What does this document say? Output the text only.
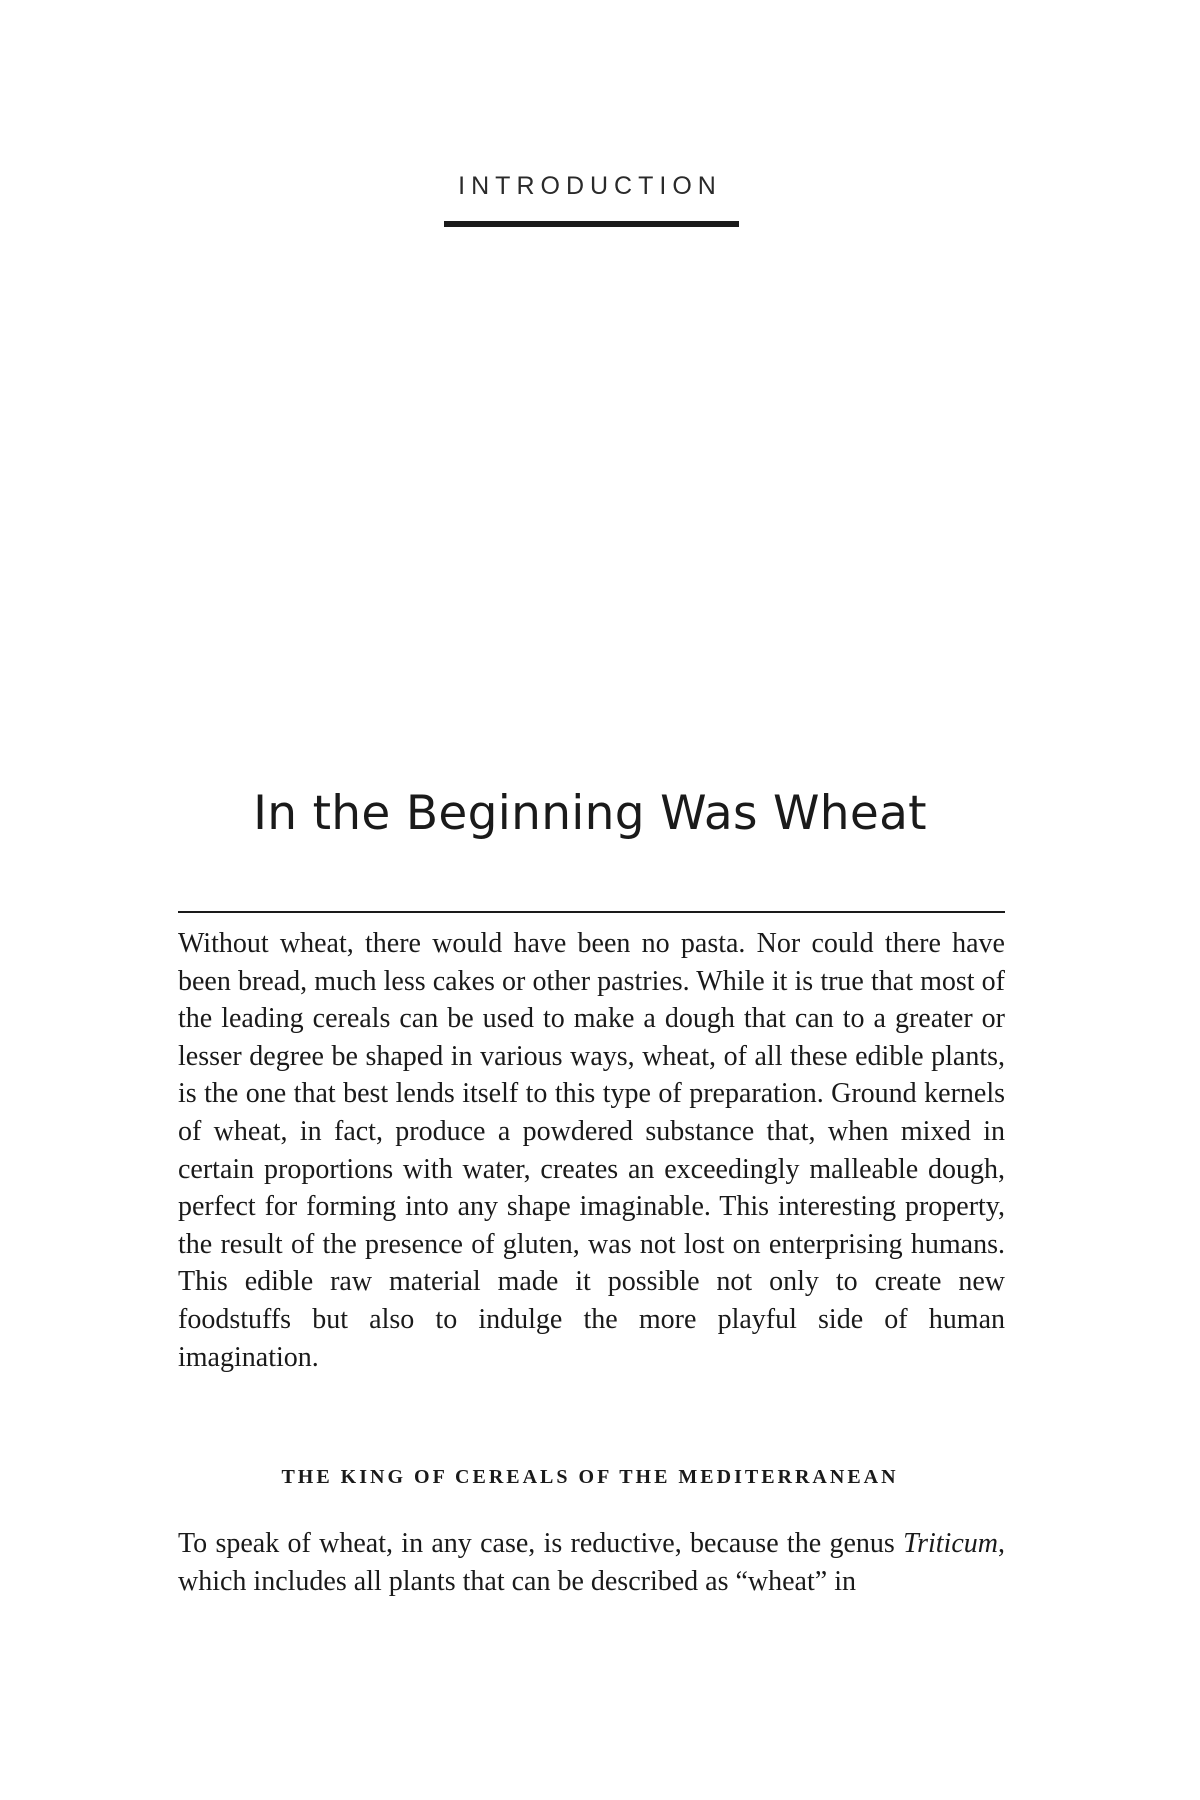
INTRODUCTION
In the Beginning Was Wheat

Without wheat, there would have been no pasta. Nor could there have been bread, much less cakes or other pastries. While it is true that most of the leading cereals can be used to make a dough that can to a greater or lesser degree be shaped in various ways, wheat, of all these edible plants, is the one that best lends itself to this type of preparation. Ground kernels of wheat, in fact, produce a powdered substance that, when mixed in certain proportions with water, creates an exceedingly malleable dough, perfect for forming into any shape imaginable. This interesting property, the result of the presence of gluten, was not lost on enterprising humans. This edible raw material made it possible not only to create new foodstuffs but also to indulge the more playful side of human imagination.

THE KING OF CEREALS OF THE MEDITERRANEAN

To speak of wheat, in any case, is reductive, because the genus Triticum, which includes all plants that can be described as “wheat” in
